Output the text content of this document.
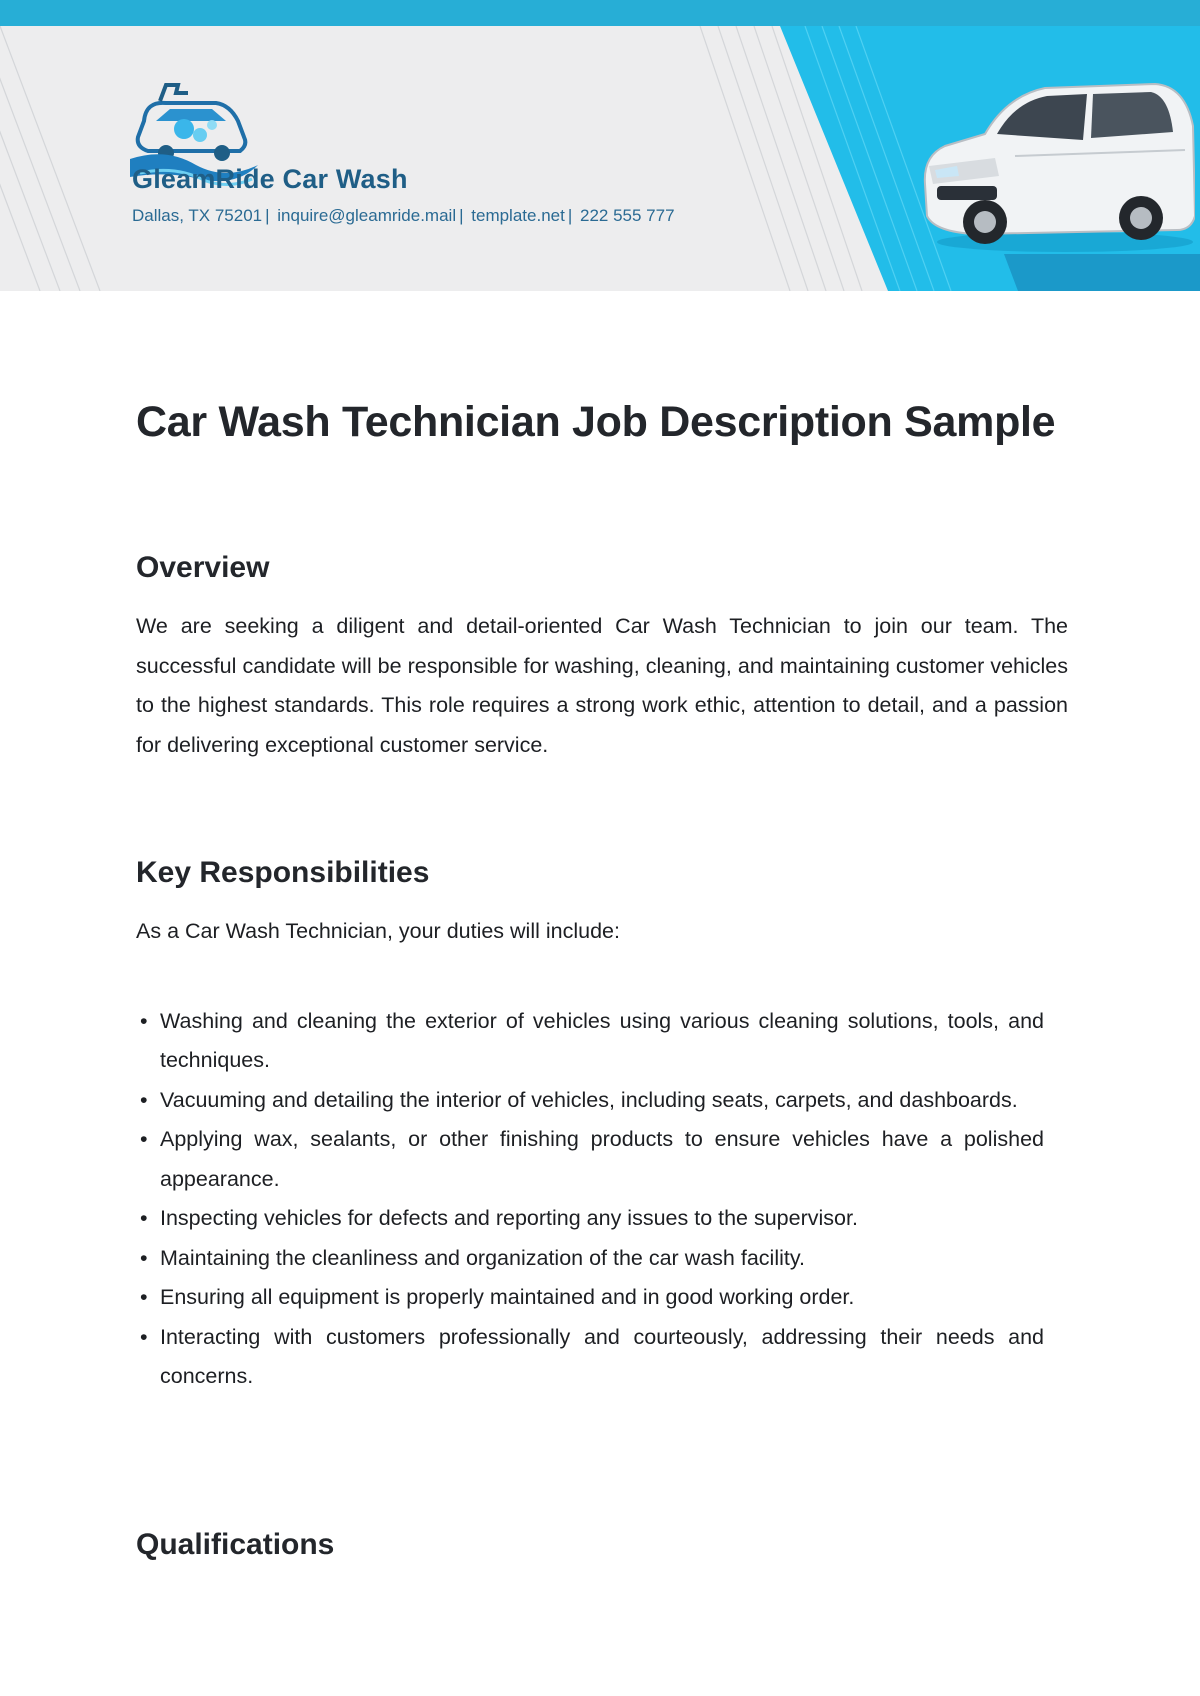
GleamRide Car Wash
Dallas, TX 75201 | inquire@gleamride.mail | template.net | 222 555 777
Car Wash Technician Job Description Sample
Overview

We are seeking a diligent and detail-oriented Car Wash Technician to join our team. The successful candidate will be responsible for washing, cleaning, and maintaining customer vehicles to the highest standards. This role requires a strong work ethic, attention to detail, and a passion for delivering exceptional customer service.

Key Responsibilities

As a Car Wash Technician, your duties will include:

• Washing and cleaning the exterior of vehicles using various cleaning solutions, tools, and techniques.
• Vacuuming and detailing the interior of vehicles, including seats, carpets, and dashboards.
• Applying wax, sealants, or other finishing products to ensure vehicles have a polished appearance.
• Inspecting vehicles for defects and reporting any issues to the supervisor.
• Maintaining the cleanliness and organization of the car wash facility.
• Ensuring all equipment is properly maintained and in good working order.
• Interacting with customers professionally and courteously, addressing their needs and concerns.
Qualifications
